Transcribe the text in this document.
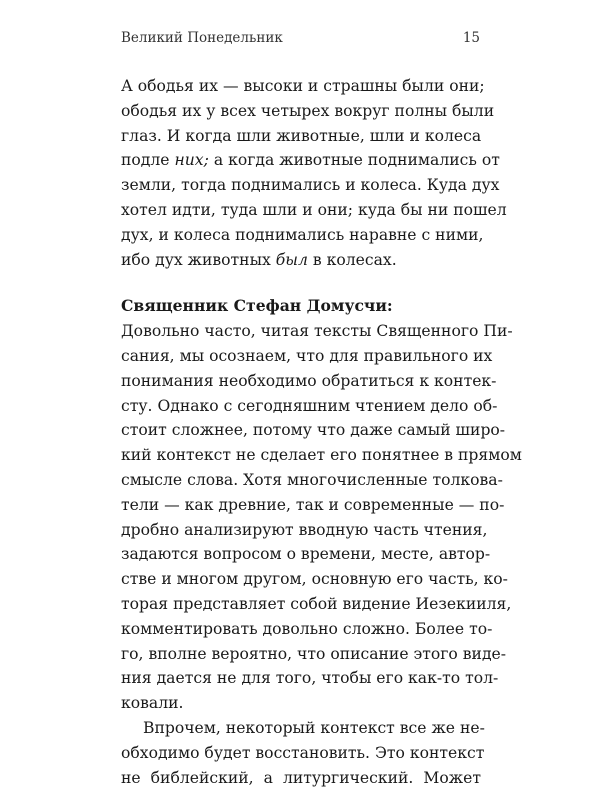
Великий Понедельник	15
А ободья их — высоки и страшны были они;
ободья их у всех четырех вокруг полны были
глаз. И когда шли животные, шли и колеса
подле них; а когда животные поднимались от
земли, тогда поднимались и колеса. Куда дух
хотел идти, туда шли и они; куда бы ни пошел
дух, и колеса поднимались наравне с ними,
ибо дух животных был в колесах.

Священник Стефан Домусчи:

Довольно часто, читая тексты Священного Пи-
сания, мы осознаем, что для правильного их
понимания необходимо обратиться к контек-
сту. Однако с сегодняшним чтением дело об-
стоит сложнее, потому что даже самый широ-
кий контекст не сделает его понятнее в прямом
смысле слова. Хотя многочисленные толкова-
тели — как древние, так и современные — по-
дробно анализируют вводную часть чтения,
задаются вопросом о времени, месте, автор-
стве и многом другом, основную его часть, ко-
торая представляет собой видение Иезекииля,
комментировать довольно сложно. Более то-
го, вполне вероятно, что описание этого виде-
ния дается не для того, чтобы его как-то тол-
ковали.
Впрочем, некоторый контекст все же не-
обходимо будет восстановить. Это контекст
не библейский, а литургический. Может
